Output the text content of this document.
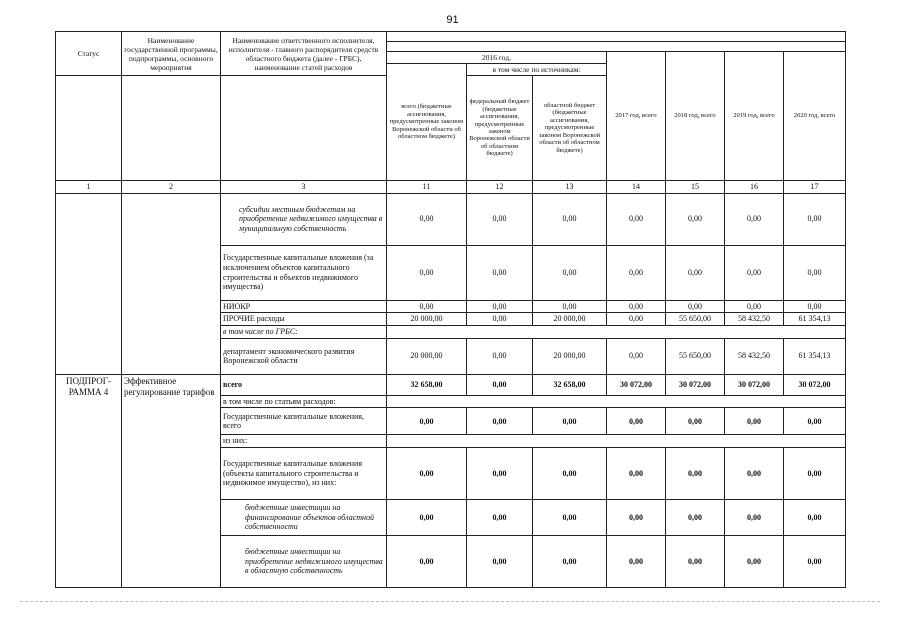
91
Статус	Наименование государственной программы, подпрограммы, основного мероприятия	Наименование ответственного исполнителя, исполнителя - главного распорядителя средств областного бюджета (далее - ГРБС), наименование статей расходов							

			2016 год,			2017 год, всего	2018 год, всего	2019 год, всего	2020 год, всего
			всего (бюджетные ассигнования, предусмотренные законом Воронежской области об областном бюджете)	в том числе по источникам:					
				федеральный бюджет (бюджетные ассигнования, предусмотренные законом Воронежской области об областном бюджете)	областной бюджет (бюджетные ассигнования, предусмотренные законом Воронежской области об областном бюджете)				
1	2	3	11	12	13	14	15	16	17
		субсидии местным бюджетам на приобретение недвижимого имущества в муниципальную собственность	0,00	0,00	0,00	0,00	0,00	0,00	0,00
		Государственные капитальные вложения (за исключением объектов капитального строительства и объектов недвижимого имущества)	0,00	0,00	0,00	0,00	0,00	0,00	0,00
		НИОКР	0,00	0,00	0,00	0,00	0,00	0,00	0,00
		ПРОЧИЕ расходы	20 000,00	0,00	20 000,00	0,00	55 650,00	58 432,50	61 354,13
		в том числе по ГРБС:							
		департамент экономического развития Воронежской области	20 000,00	0,00	20 000,00	0,00	55 650,00	58 432,50	61 354,13
ПОДПРОГ-РАММА 4	Эффективное регулирование тарифов	всего	32 658,00	0,00	32 658,00	30 072,00	30 072,00	30 072,00	30 072,00
		в том числе по статьям расходов:							
		Государственные капитальные вложения, всего	0,00	0,00	0,00	0,00	0,00	0,00	0,00
		из них:							
		Государственные капитальные вложения (объекты капитального строительства и недвижимое имущество), из них:	0,00	0,00	0,00	0,00	0,00	0,00	0,00
		бюджетные инвестиции на финансирование объектов областной собственности	0,00	0,00	0,00	0,00	0,00	0,00	0,00
		бюджетные инвестиции на приобретение недвижимого имущества в областную собственность	0,00	0,00	0,00	0,00	0,00	0,00	0,00
